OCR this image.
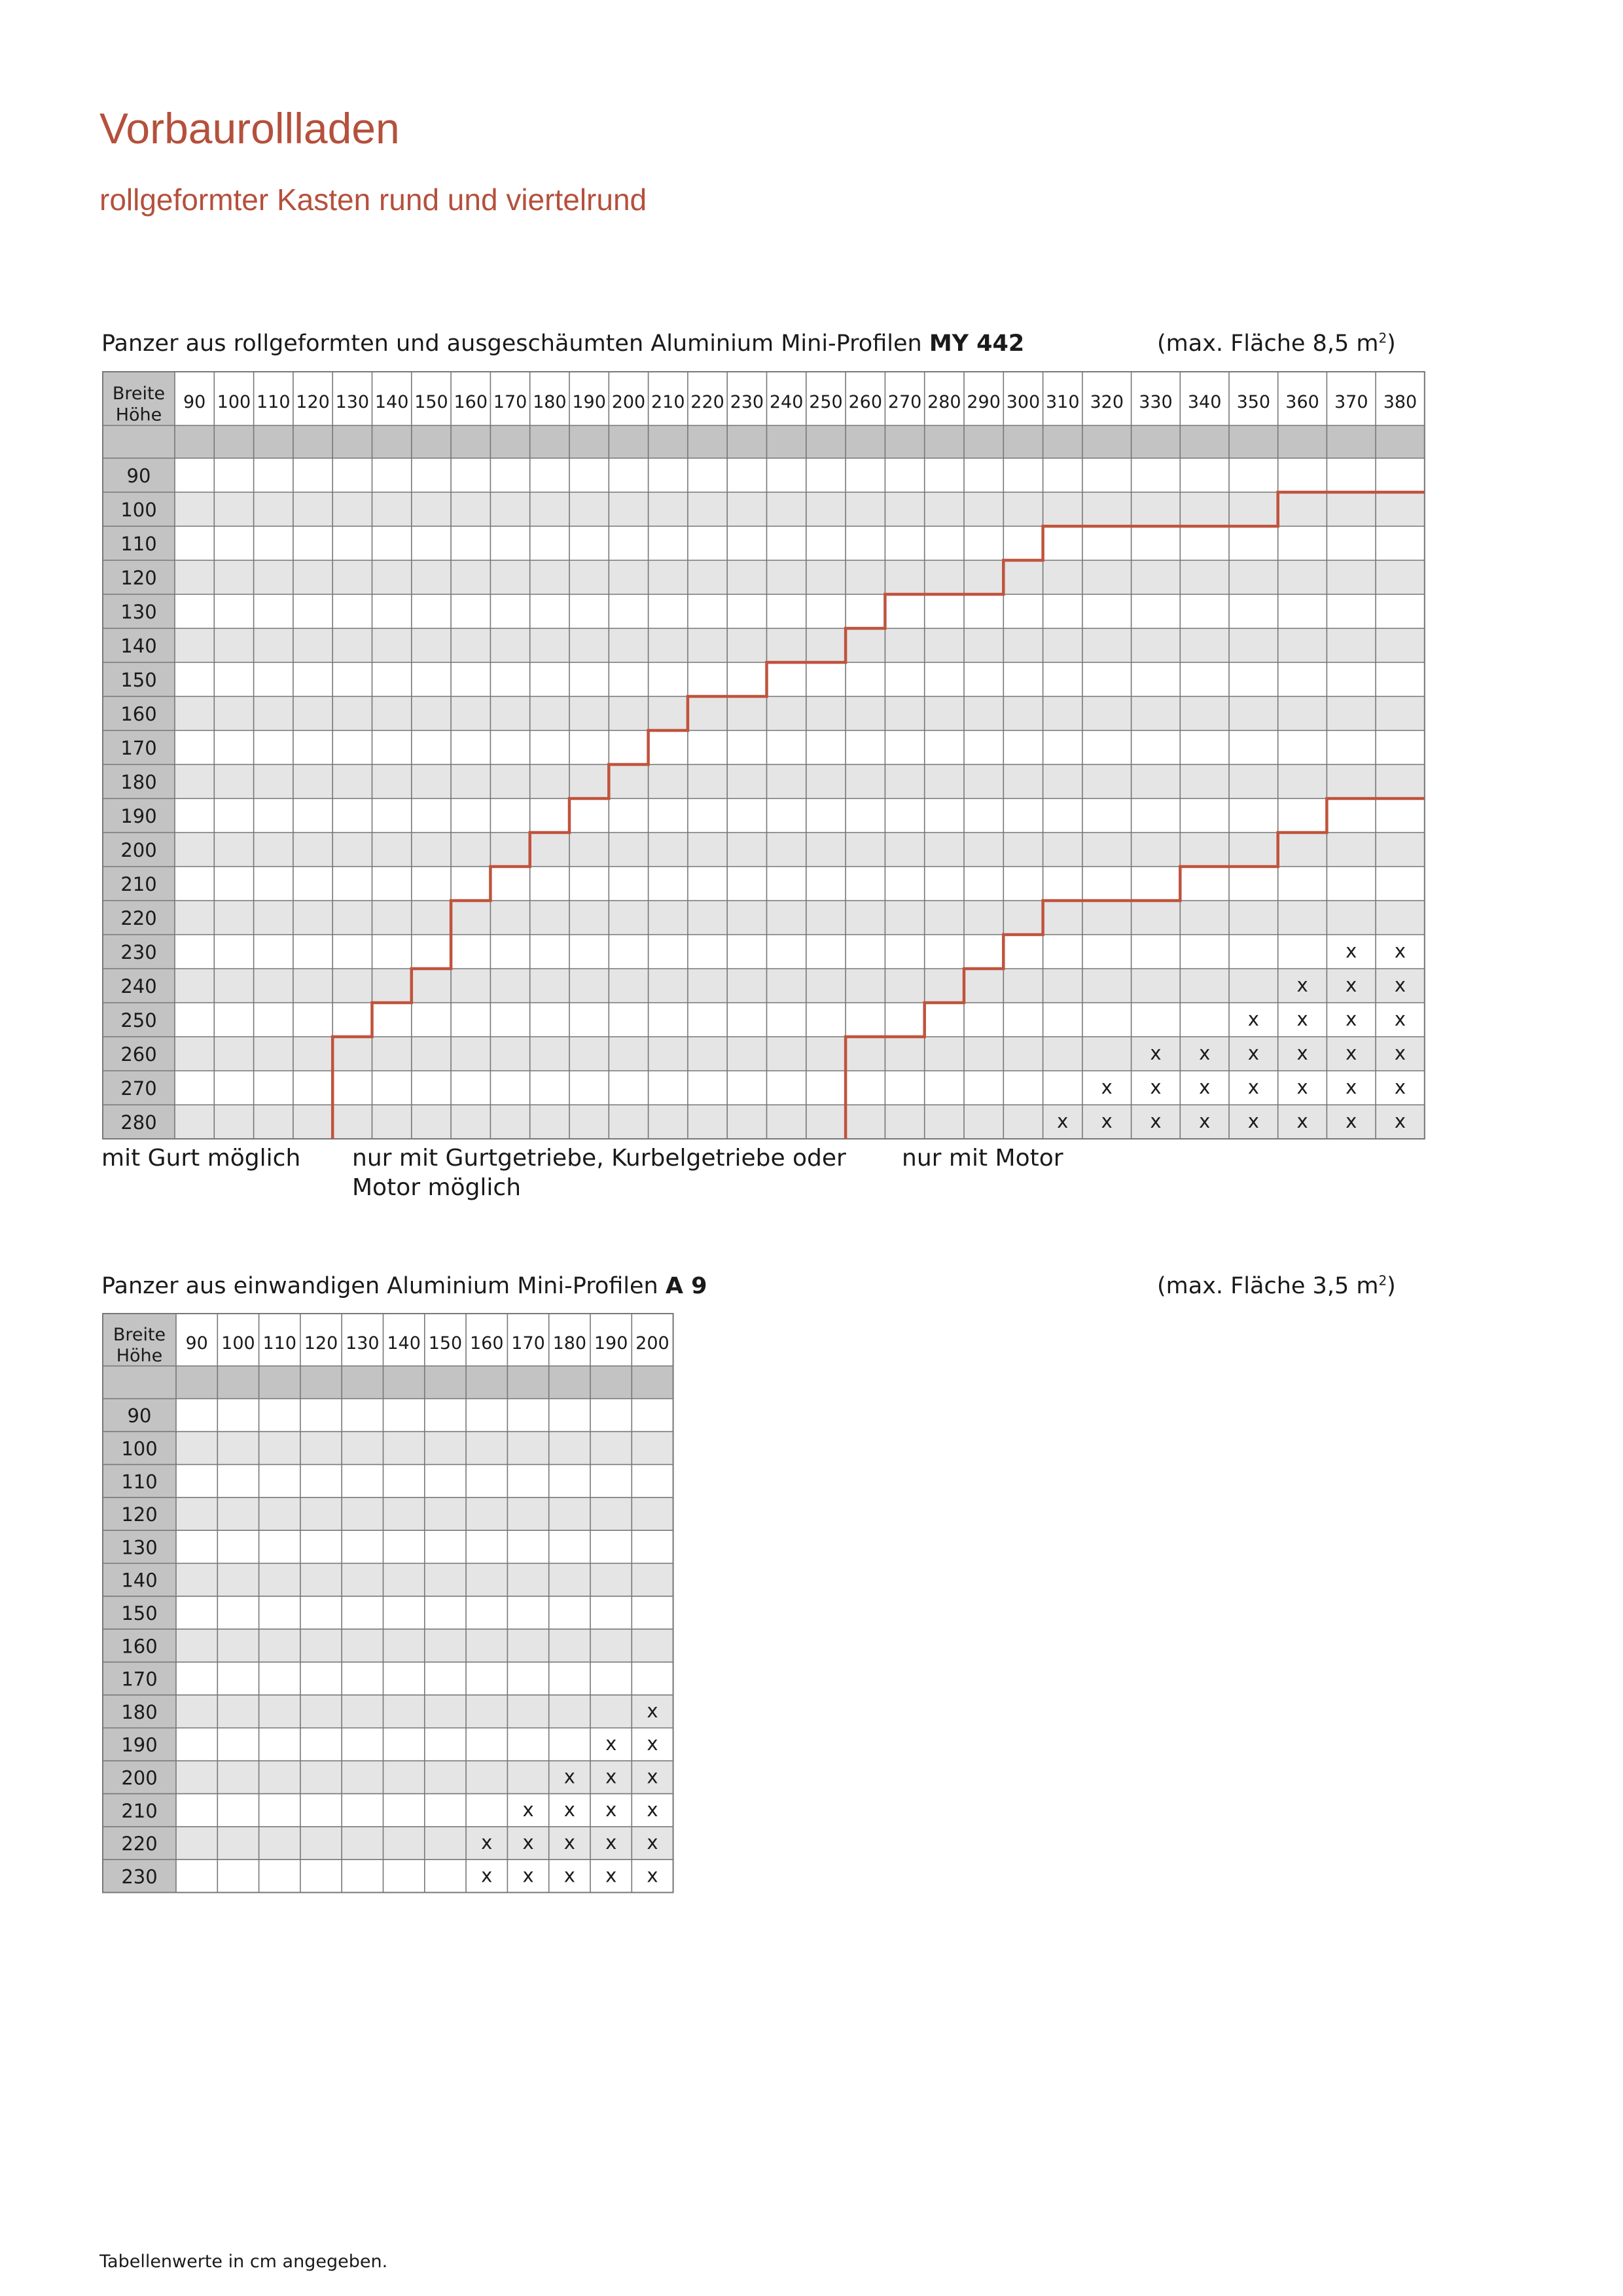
Vorbaurollladen
rollgeformter Kasten rund und viertelrund
Panzer aus rollgeformten und ausgeschäumten Aluminium Mini-Profilen MY 442	(max. Fläche 8,5 $m^2$)
Breite
Höhe
90 100 110 120 130 140 150 160 170 180 190 200 210 220 230 240 250 260 270 280 290 300 310 320 330 340 350 360 370 380
90
100
110
120
130
140
150
160
170
180
190
200
210
220
230
240
250
260
270
280
x x
x x x
x x x x
x x x x x x
x x x x x x x
x x x x x x x x
mit Gurt möglich nur mit Gurtgetriebe, Kurbelgetriebe oder
Motor möglich
nur mit Motor
Panzer aus einwandigen Aluminium Mini-Profilen A 9	(max. Fläche 3,5 $m^2$)
Breite
Höhe
90 100 110 120 130 140 150 160 170 180 190 200
90
100
110
120
130
140
150
160
170
180
190
200
210
220
230
x
x x
x x x
x x x x
x x x x x
x x x x x
Tabellenwerte in cm angegeben.
